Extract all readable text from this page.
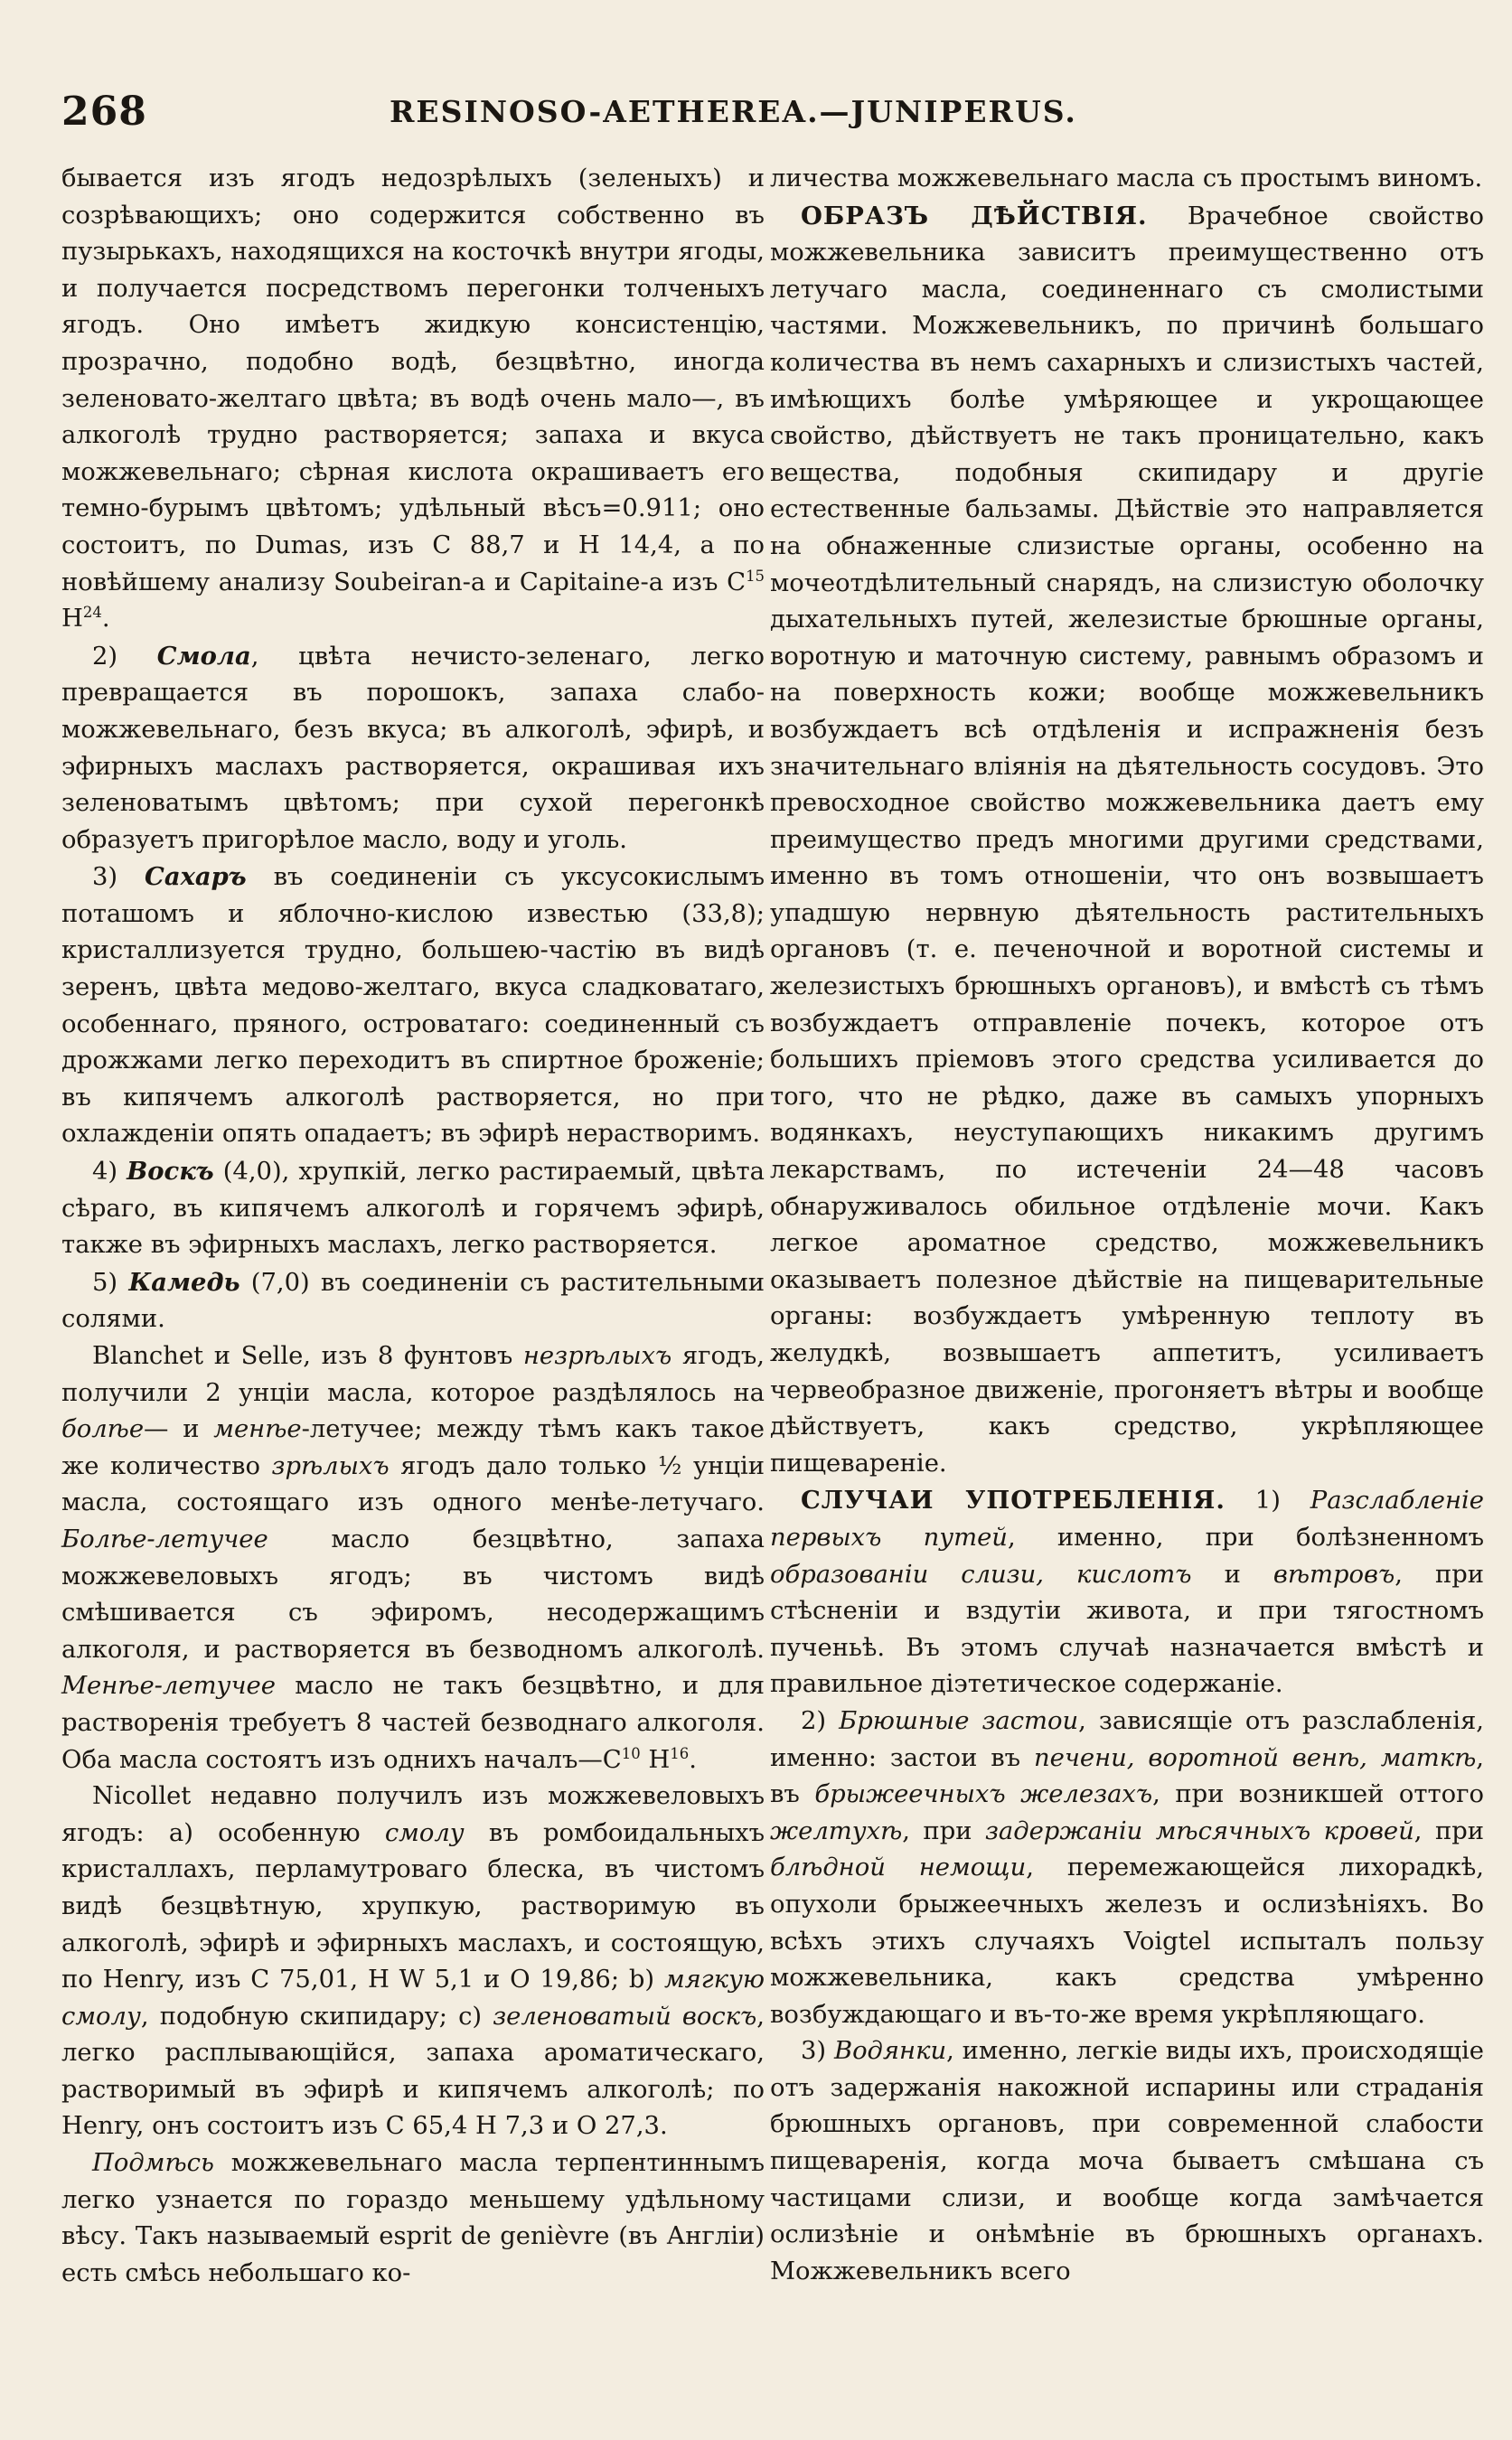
268	RESINOSO-AETHEREA.—JUNIPERUS.

бывается изъ ягодъ недозрѣлыхъ (зеленыхъ) и созрѣвающихъ; оно содержится собственно въ пузырькахъ, находящихся на косточкѣ внутри ягоды, и получается посредствомъ перегонки толченыхъ ягодъ. Оно имѣетъ жидкую консистенцію, прозрачно, подобно водѣ, безцвѣтно, иногда зеленовато-желтаго цвѣта; въ водѣ очень мало—, въ алкоголѣ трудно растворяется; запаха и вкуса можжевельнаго; сѣрная кислота окрашиваетъ его темно-бурымъ цвѣтомъ; удѣльный вѣсъ=0.911; оно состоитъ, по Dumas, изъ С 88,7 и Н 14,4, а по новѣйшему анализу Soubeiran-a и Capitaine-a изъ $С^{15}$ $Н^{24}$.

2) Смола, цвѣта нечисто-зеленаго, легко превращается въ порошокъ, запаха слабо-можжевельнаго, безъ вкуса; въ алкоголѣ, эфирѣ, и эфирныхъ маслахъ растворяется, окрашивая ихъ зеленоватымъ цвѣтомъ; при сухой перегонкѣ образуетъ пригорѣлое масло, воду и уголь.

3) Сахаръ въ соединеніи съ уксусокислымъ поташомъ и яблочно-кислою известью (33,8); кристаллизуется трудно, большею-частію въ видѣ зеренъ, цвѣта медово-желтаго, вкуса сладковатаго, особеннаго, пряного, островатаго: соединенный съ дрожжами легко переходитъ въ спиртное броженіе; въ кипячемъ алкоголѣ растворяется, но при охлажденіи опять опадаетъ; въ эфирѣ нерастворимъ.

4) Воскъ (4,0), хрупкій, легко растираемый, цвѣта сѣраго, въ кипячемъ алкоголѣ и горячемъ эфирѣ, также въ эфирныхъ маслахъ, легко растворяется.

5) Камедь (7,0) въ соединеніи съ растительными солями.

Blanchet и Selle, изъ 8 фунтовъ незрѣлыхъ ягодъ, получили 2 унціи масла, которое раздѣлялось на болѣе— и менѣе-летучее; между тѣмъ какъ такое же количество зрѣлыхъ ягодъ дало только ½ унціи масла, состоящаго изъ одного менѣе-летучаго. Болѣе-летучее масло безцвѣтно, запаха можжевеловыхъ ягодъ; въ чистомъ видѣ смѣшивается съ эфиромъ, несодержащимъ алкоголя, и растворяется въ безводномъ алкоголѣ. Менѣе-летучее масло не такъ безцвѣтно, и для растворенія требуетъ 8 частей безводнаго алкоголя. Оба масла состоятъ изъ однихъ $началъ—С^{10}$ $Н^{16}$.

Nicollet недавно получилъ изъ можжевеловыхъ ягодъ: a) особенную смолу въ ромбоидальныхъ кристаллахъ, перламутроваго блеска, въ чистомъ видѣ безцвѣтную, хрупкую, растворимую въ алкоголѣ, эфирѣ и эфирныхъ маслахъ, и состоящую, по Henry, изъ С 75,01, Н W 5,1 и О 19,86; b) мягкую смолу, подобную скипидару; c) зеленоватый воскъ, легко расплывающійся, запаха ароматическаго, растворимый въ эфирѣ и кипячемъ алкоголѣ; по Henry, онъ состоитъ изъ С 65,4 Н 7,3 и О 27,3.

Подмѣсь можжевельнаго масла терпентиннымъ легко узнается по гораздо меньшему удѣльному вѣсу. Такъ называемый esprit de genièvre (въ Англіи) есть смѣсь небольшаго ко-

личества можжевельнаго масла съ простымъ виномъ.

ОБРАЗЪ ДѢЙСТВІЯ. Врачебное свойство можжевельника зависитъ преимущественно отъ летучаго масла, соединеннаго съ смолистыми частями. Можжевельникъ, по причинѣ большаго количества въ немъ сахарныхъ и слизистыхъ частей, имѣющихъ болѣе умѣряющее и укрощающее свойство, дѣйствуетъ не такъ проницательно, какъ вещества, подобныя скипидару и другіе естественные бальзамы. Дѣйствіе это направляется на обнаженные слизистые органы, особенно на мочеотдѣлительный снарядъ, на слизистую оболочку дыхательныхъ путей, железистые брюшные органы, воротную и маточную систему, равнымъ образомъ и на поверхность кожи; вообще можжевельникъ возбуждаетъ всѣ отдѣленія и испражненія безъ значительнаго вліянія на дѣятельность сосудовъ. Это превосходное свойство можжевельника даетъ ему преимущество предъ многими другими средствами, именно въ томъ отношеніи, что онъ возвышаетъ упадшую нервную дѣятельность растительныхъ органовъ (т. е. печеночной и воротной системы и железистыхъ брюшныхъ органовъ), и вмѣстѣ съ тѣмъ возбуждаетъ отправленіе почекъ, которое отъ большихъ пріемовъ этого средства усиливается до того, что не рѣдко, даже въ самыхъ упорныхъ водянкахъ, неуступающихъ никакимъ другимъ лекарствамъ, по истеченіи 24—48 часовъ обнаруживалось обильное отдѣленіе мочи. Какъ легкое ароматное средство, можжевельникъ оказываетъ полезное дѣйствіе на пищеварительные органы: возбуждаетъ умѣренную теплоту въ желудкѣ, возвышаетъ аппетитъ, усиливаетъ червеобразное движеніе, прогоняетъ вѣтры и вообще дѣйствуетъ, какъ средство, укрѣпляющее пищевареніе.

СЛУЧАИ УПОТРЕБЛЕНІЯ. 1) Разслабленіе первыхъ путей, именно, при болѣзненномъ образованіи слизи, кислотъ и вѣтровъ, при стѣсненіи и вздутіи живота, и при тягостномъ пученьѣ. Въ этомъ случаѣ назначается вмѣстѣ и правильное діэтетическое содержаніе.

2) Брюшные застои, зависящіе отъ разслабленія, именно: застои въ печени, воротной венѣ, маткѣ, въ брыжеечныхъ железахъ, при возникшей оттого желтухѣ, при задержаніи мѣсячныхъ кровей, при блѣдной немощи, перемежающейся лихорадкѣ, опухоли брыжеечныхъ железъ и ослизѣніяхъ. Во всѣхъ этихъ случаяхъ Voigtel испыталъ пользу можжевельника, какъ средства умѣренно возбуждающаго и въ-то-же время укрѣпляющаго.

3) Водянки, именно, легкіе виды ихъ, происходящіе отъ задержанія накожной испарины или страданія брюшныхъ органовъ, при современной слабости пищеваренія, когда моча бываетъ смѣшана съ частицами слизи, и вообще когда замѣчается ослизѣніе и онѣмѣніе въ брюшныхъ органахъ. Можжевельникъ всего
